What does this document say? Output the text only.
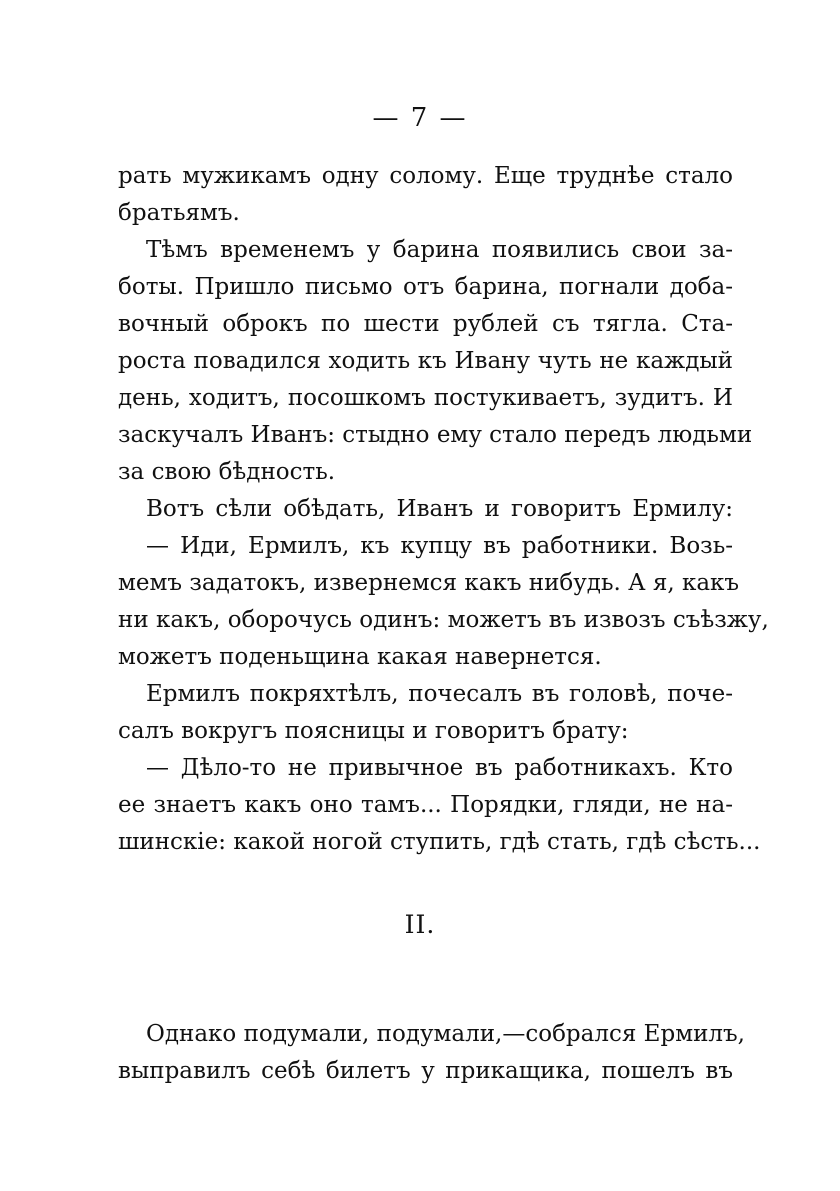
— 7 —
рать мужикамъ одну солому. Еще труднѣе стало
братьямъ.
Тѣмъ временемъ у барина появились свои за-
боты. Пришло письмо отъ барина, погнали доба-
вочный оброкъ по шести рублей съ тягла. Ста-
роста повадился ходить къ Ивану чуть не каждый
день, ходитъ, посошкомъ постукиваетъ, зудитъ. И
заскучалъ Иванъ: стыдно ему стало передъ людьми
за свою бѣдность.
Вотъ сѣли обѣдать, Иванъ и говоритъ Ермилу:
— Иди, Ермилъ, къ купцу въ работники. Возь-
мемъ задатокъ, извернемся какъ нибудь. А я, какъ
ни какъ, оборочусь одинъ: можетъ въ извозъ съѣзжу,
можетъ поденьщина какая навернется.
Ермилъ покряхтѣлъ, почесалъ въ головѣ, поче-
салъ вокругъ поясницы и говоритъ брату:
— Дѣло-то не привычное въ работникахъ. Кто
ее знаетъ какъ оно тамъ... Порядки, гляди, не на-
шинскіе: какой ногой ступить, гдѣ стать, гдѣ сѣсть...
II.
Однако подумали, подумали,—собрался Ермилъ,
выправилъ себѣ билетъ у прикащика, пошелъ въ
